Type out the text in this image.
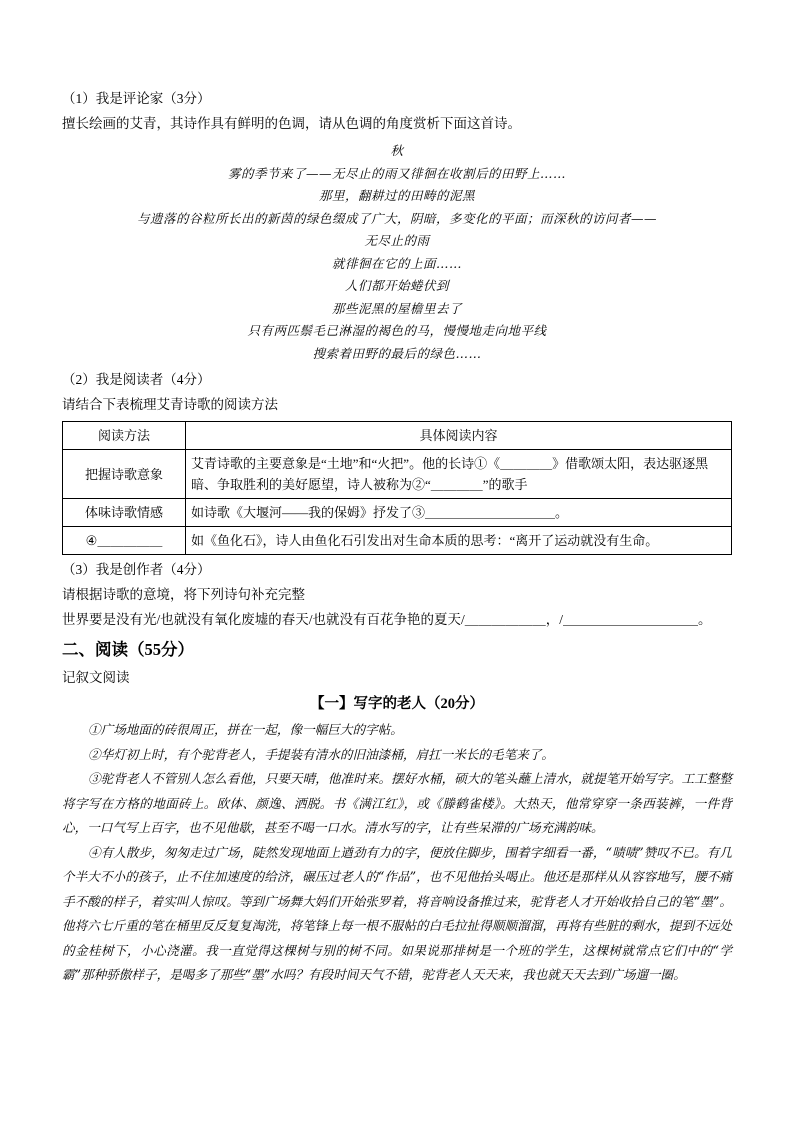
（1）我是评论家（3分）
擅长绘画的艾青，其诗作具有鲜明的色调，请从色调的角度赏析下面这首诗。
秋
雾的季节来了——无尽止的雨又徘徊在收割后的田野上……
那里，翻耕过的田畴的泥黑
与遗落的谷粒所长出的新茵的绿色缀成了广大，阴暗，多变化的平面；而深秋的访问者——
无尽止的雨
就徘徊在它的上面……
人们都开始蜷伏到
那些泥黑的屋檐里去了
只有两匹鬃毛已淋湿的褐色的马，慢慢地走向地平线
搜索着田野的最后的绿色……
（2）我是阅读者（4分）
请结合下表梳理艾青诗歌的阅读方法
阅读方法	具体阅读内容
把握诗歌意象	艾青诗歌的主要意象是“土地”和“火把”。他的长诗①《＿＿＿＿》借歌颂太阳，表达驱逐黑暗、争取胜利的美好愿望，诗人被称为②“＿＿＿＿”的歌手
体味诗歌情感	如诗歌《大堰河——我的保姆》抒发了③＿＿＿＿＿＿＿＿＿＿。
④＿＿＿＿＿	如《鱼化石》，诗人由鱼化石引发出对生命本质的思考：“离开了运动就没有生命。
（3）我是创作者（4分）
请根据诗歌的意境，将下列诗句补充完整
世界要是没有光/也就没有氧化废墟的春天/也就没有百花争艳的夏天/＿＿＿＿＿＿，/＿＿＿＿＿＿＿＿＿＿。
二、阅读（55分）
记叙文阅读
【一】写字的老人（20分）

①广场地面的砖很周正，拼在一起，像一幅巨大的字帖。

②华灯初上时，有个驼背老人，手提装有清水的旧油漆桶，肩扛一米长的毛笔来了。

③驼背老人不管别人怎么看他，只要天晴，他准时来。摆好水桶，硕大的笔头蘸上清水，就提笔开始写字。工工整整将字写在方格的地面砖上。欧体、颜逸、洒脱。书《满江红》，或《滕鹤雀楼》。大热天，他常穿穿一条西装裤，一件背心，一口气写上百字，也不见他歇，甚至不喝一口水。清水写的字，让有些呆滞的广场充满韵味。

④有人散步，匆匆走过广场，陡然发现地面上遒劲有力的字，便放住脚步，围着字细看一番，“啧啧”赞叹不已。有几个半大不小的孩子，止不住加速度的给济，碾压过老人的“作品”，也不见他抬头喝止。他还是那样从从容容地写，腰不痛手不酸的样子，着实叫人惊叹。等到广场舞大妈们开始张罗着，将音响设备推过来，驼背老人才开始收拾自己的笔“墨”。他将六七斤重的笔在桶里反反复复淘洗，将笔锋上每一根不服帖的白毛拉扯得顺顺溜溜，再将有些脏的剩水，提到不远处的金桂树下，小心浇灌。我一直觉得这棵树与别的树不同。如果说那排树是一个班的学生，这棵树就常点它们中的“学霸”那种骄傲样子，是喝多了那些“墨”水吗？有段时间天气不错，驼背老人天天来，我也就天天去到广场遛一圈。
